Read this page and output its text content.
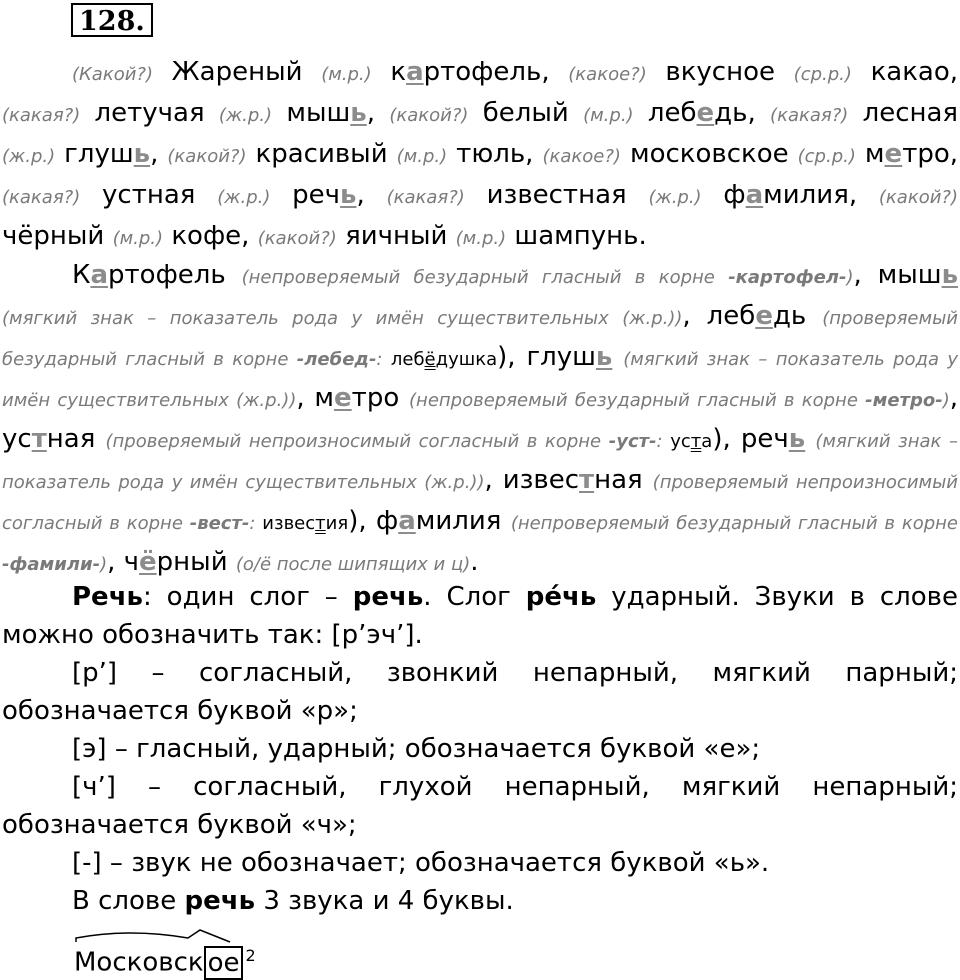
128.

(Какой?) Жареный (м.р.) картофель, (какое?) вкусное (ср.р.) какао, (какая?) летучая (ж.р.) мышь, (какой?) белый (м.р.) лебедь, (какая?) лесная (ж.р.) глушь, (какой?) красивый (м.р.) тюль, (какое?) московское (ср.р.) метро, (какая?) устная (ж.р.) речь, (какая?) известная (ж.р.) фамилия, (какой?) чёрный (м.р.) кофе, (какой?) яичный (м.р.) шампунь.

Картофель (непроверяемый безударный гласный в корне -картофел-), мышь (мягкий знак – показатель рода у имён существительных (ж.р.)), лебедь (проверяемый безударный гласный в корне -лебед-: лебёдушка), глушь (мягкий знак – показатель рода у имён существительных (ж.р.)), метро (непроверяемый безударный гласный в корне -метро-), устная (проверяемый непроизносимый согласный в корне -уст-: уста), речь (мягкий знак – показатель рода у имён существительных (ж.р.)), известная (проверяемый непроизносимый согласный в корне -вест-: известия), фамилия (непроверяемый безударный гласный в корне -фамили-), чёрный (о/ё после шипящих и ц).

Речь: один слог – речь. Слог ре́чь ударный. Звуки в слове можно обозначить так: [р’эч’].

[р’] – согласный, звонкий непарный, мягкий парный; обозначается буквой «р»;

[э] – гласный, ударный; обозначается буквой «е»;

[ч’] – согласный, глухой непарный, мягкий непарный; обозначается буквой «ч»;

[-] – звук не обозначает; обозначается буквой «ь».

В слове речь 3 звука и 4 буквы.

Московск ое $^2$
